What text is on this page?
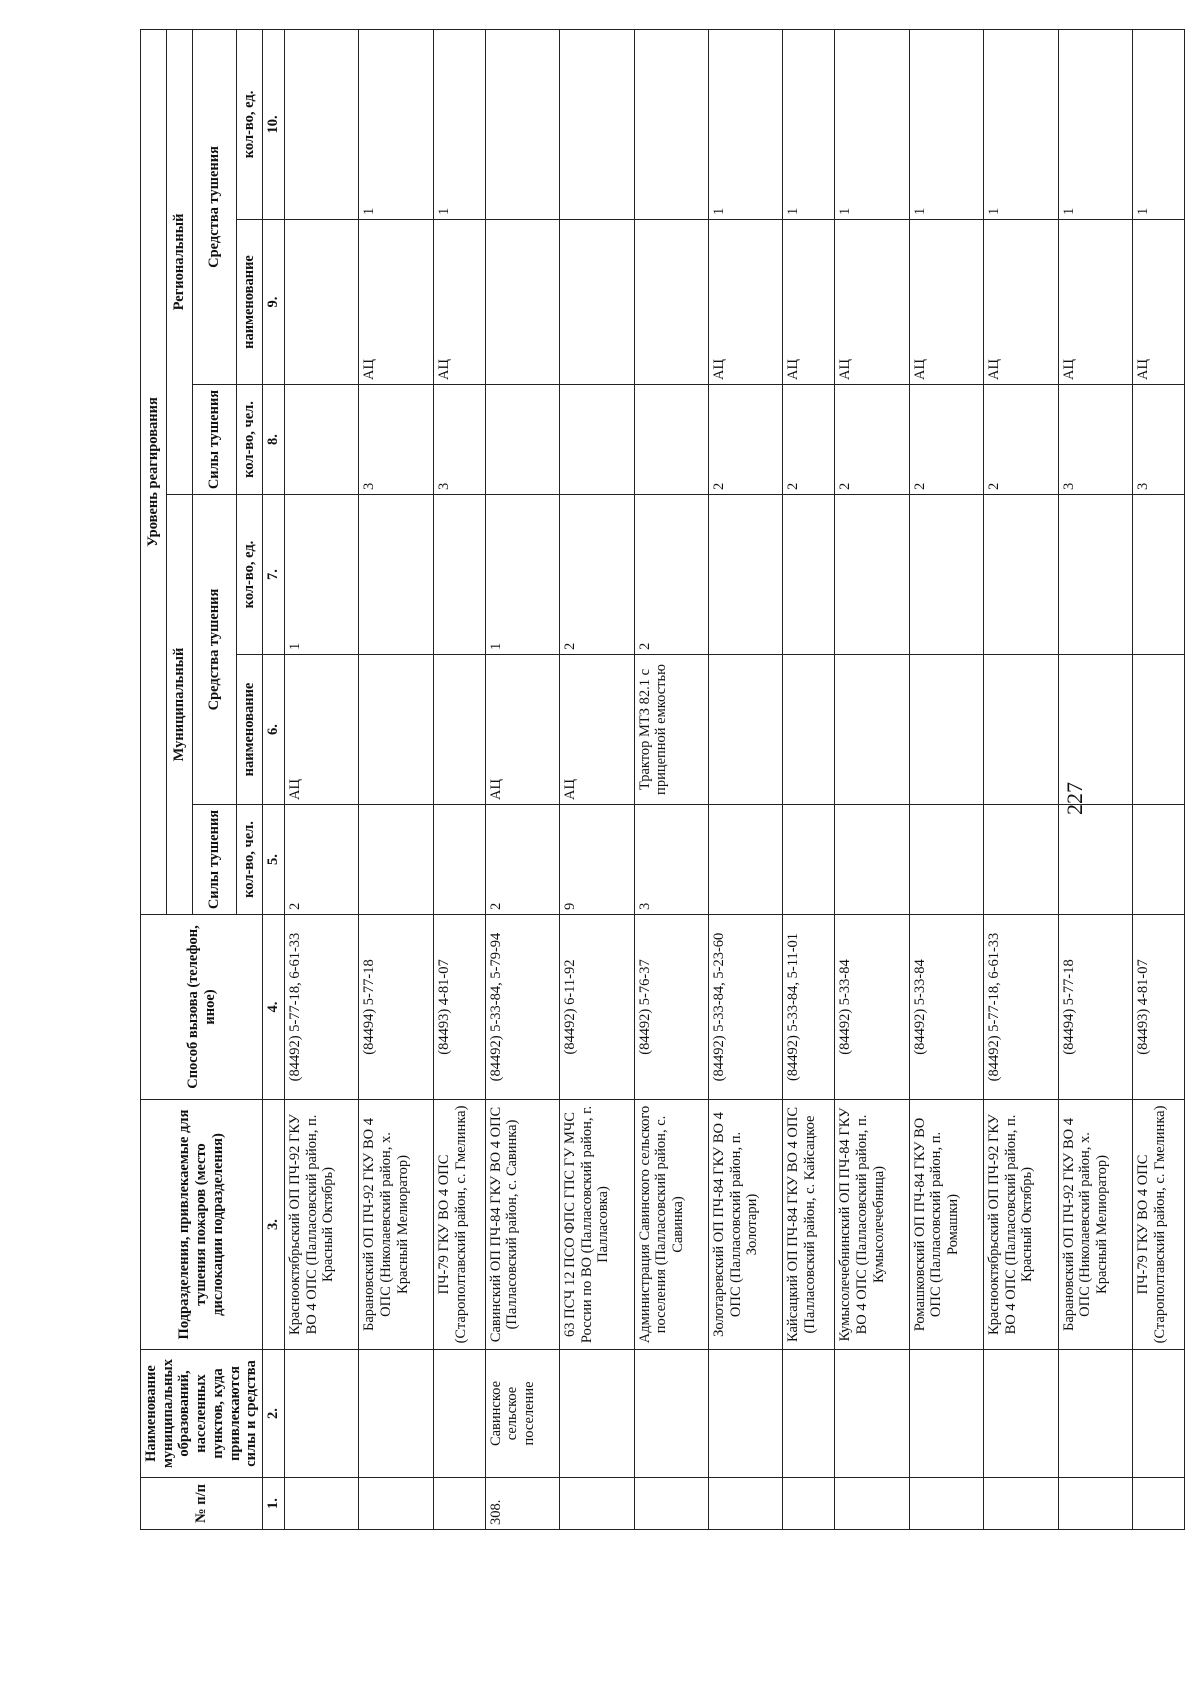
227
№ п/п	Наименование муниципальных образований, населенных пунктов, куда привлекаются силы и средства	Подразделения, привлекаемые для тушения пожаров (место дислокации подразделения)	Способ вызова (телефон, иное)	Уровень реагирования					
				Муниципальный			Региональный		
				Силы тушения	Средства тушения		Силы тушения	Средства тушения	
				кол-во, чел.	наименование	кол-во, ед.	кол-во, чел.	наименование	кол-во, ед.
1.	2.	3.	4.	5.	6.	7.	8.	9.	10.
		Краснооктябрьский ОП ПЧ-92 ГКУ ВО 4 ОПС (Палласовский район, п. Красный Октябрь)	(84492) 5-77-18, 6-61-33	2	АЦ	1			
		Барановский ОП ПЧ-92 ГКУ ВО 4 ОПС (Николаевский район, х. Красный Мелиоратор)	(84494) 5-77-18				3	АЦ	1
		ПЧ-79 ГКУ ВО 4 ОПС (Старополтавский район, с. Гмелинка)	(84493) 4-81-07				3	АЦ	1
308.	Савинское сельское поселение	Савинский ОП ПЧ-84 ГКУ ВО 4 ОПС (Палласовский район, с. Савинка)	(84492) 5-33-84, 5-79-94	2	АЦ	1			
		63 ПСЧ 12 ПСО ФПС ГПС ГУ МЧС России по ВО (Палласовский район, г. Палласовка)	(84492) 6-11-92	9	АЦ	2			
		Администрация Савинского сельского поселения (Палласовский район, с. Савинка)	(84492) 5-76-37	3	Трактор МТЗ 82.1 с прицепной емкостью	2			
		Золотаревский ОП ПЧ-84 ГКУ ВО 4 ОПС (Палласовский район, п. Золотари)	(84492) 5-33-84, 5-23-60				2	АЦ	1
		Кайсацкий ОП ПЧ-84 ГКУ ВО 4 ОПС (Палласовский район, с. Кайсацкое	(84492) 5-33-84, 5-11-01				2	АЦ	1
		Кумысолечебнинский ОП ПЧ-84 ГКУ ВО 4 ОПС (Палласовский район, п. Кумысолечебница)	(84492) 5-33-84				2	АЦ	1
		Ромашковский ОП ПЧ-84 ГКУ ВО ОПС (Палласовский район, п. Ромашки)	(84492) 5-33-84				2	АЦ	1
		Краснооктябрьский ОП ПЧ-92 ГКУ ВО 4 ОПС (Палласовский район, п. Красный Октябрь)	(84492) 5-77-18, 6-61-33				2	АЦ	1
		Барановский ОП ПЧ-92 ГКУ ВО 4 ОПС (Николаевский район, х. Красный Мелиоратор)	(84494) 5-77-18				3	АЦ	1
		ПЧ-79 ГКУ ВО 4 ОПС (Старополтавский район, с. Гмелинка)	(84493) 4-81-07				3	АЦ	1
